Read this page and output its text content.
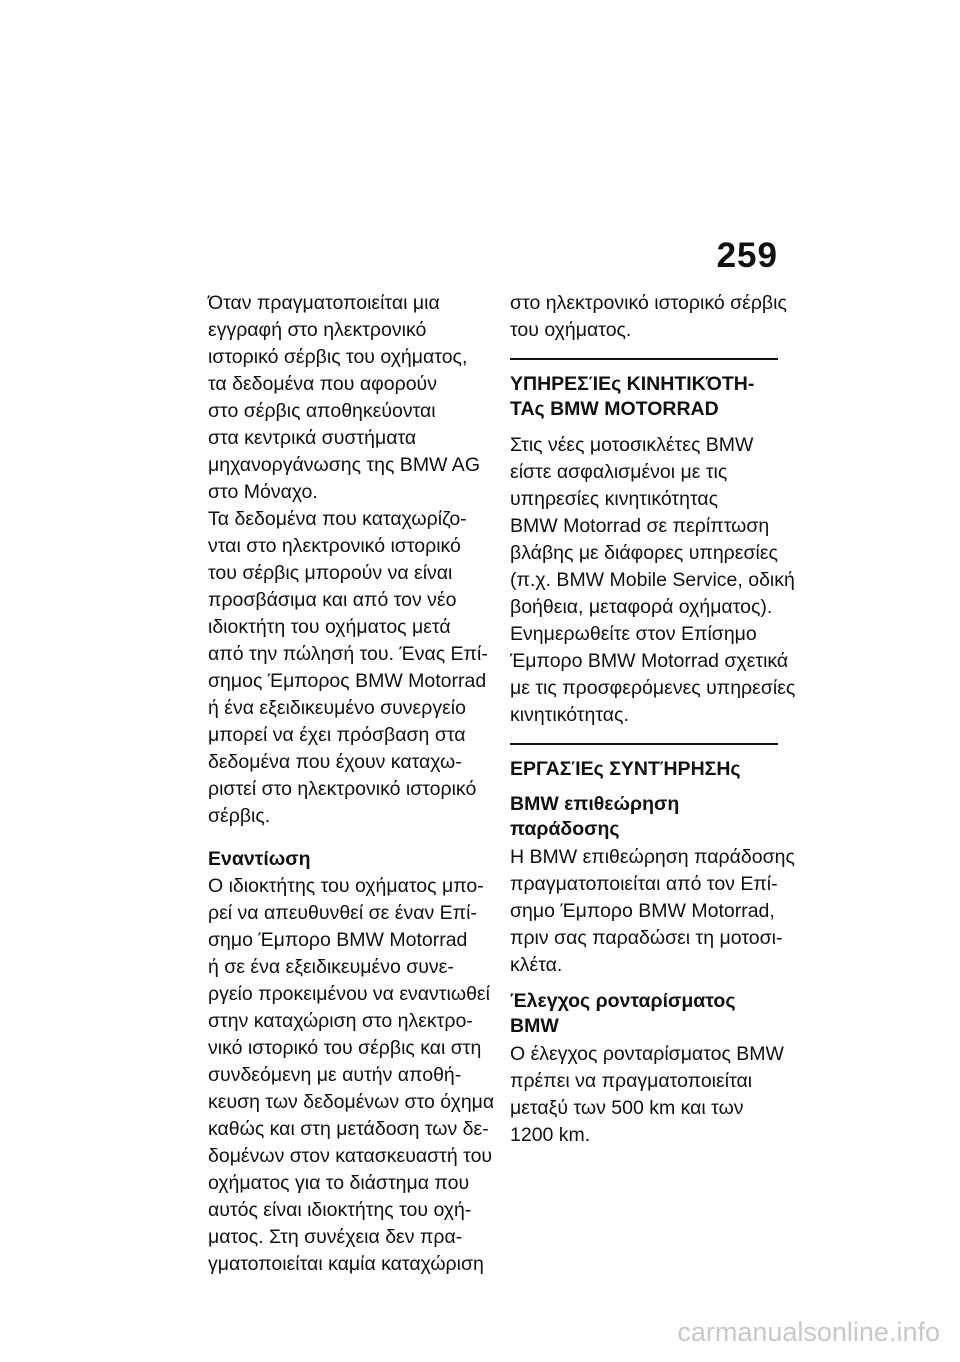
259

Όταν πραγματοποιείται μια
εγγραφή στο ηλεκτρονικό
ιστορικό σέρβις του οχήματος,
τα δεδομένα που αφορούν
στο σέρβις αποθηκεύονται
στα κεντρικά συστήματα
μηχανοργάνωσης της BMW AG
στο Μόναχο.
Τα δεδομένα που καταχωρίζο-
νται στο ηλεκτρονικό ιστορικό
του σέρβις μπορούν να είναι
προσβάσιμα και από τον νέο
ιδιοκτήτη του οχήματος μετά
από την πώλησή του. Ένας Επί-
σημος Έμπορος BMW Motorrad
ή ένα εξειδικευμένο συνεργείο
μπορεί να έχει πρόσβαση στα
δεδομένα που έχουν καταχω-
ριστεί στο ηλεκτρονικό ιστορικό
σέρβις.

Εναντίωση

Ο ιδιοκτήτης του οχήματος μπο-
ρεί να απευθυνθεί σε έναν Επί-
σημο Έμπορο BMW Motorrad
ή σε ένα εξειδικευμένο συνε-
ργείο προκειμένου να εναντιωθεί
στην καταχώριση στο ηλεκτρο-
νικό ιστορικό του σέρβις και στη
συνδεόμενη με αυτήν αποθή-
κευση των δεδομένων στο όχημα
καθώς και στη μετάδοση των δε-
δομένων στον κατασκευαστή του
οχήματος για το διάστημα που
αυτός είναι ιδιοκτήτης του οχή-
ματος. Στη συνέχεια δεν πρα-
γματοποιείται καμία καταχώριση

στο ηλεκτρονικό ιστορικό σέρβις
του οχήματος.

ΥΠΗΡΕΣΊΕς ΚΙΝΗΤΙΚΌΤΗ-
ΤΑς BMW MOTORRAD

Στις νέες μοτοσικλέτες BMW
είστε ασφαλισμένοι με τις
υπηρεσίες κινητικότητας
BMW Motorrad σε περίπτωση
βλάβης με διάφορες υπηρεσίες
(π.χ. BMW Mobile Service, οδική
βοήθεια, μεταφορά οχήματος).
Ενημερωθείτε στον Επίσημο
Έμπορο BMW Motorrad σχετικά
με τις προσφερόμενες υπηρεσίες
κινητικότητας.

ΕΡΓΑΣΊΕς ΣΥΝΤΉΡΗΣΗς
BMW επιθεώρηση
παράδοσης

Η BMW επιθεώρηση παράδοσης
πραγματοποιείται από τον Επί-
σημο Έμπορο BMW Motorrad,
πριν σας παραδώσει τη μοτοσι-
κλέτα.

Έλεγχος ρονταρίσματος
BMW

Ο έλεγχος ρονταρίσματος BMW
πρέπει να πραγματοποιείται
μεταξύ των 500 km και των
1200 km.

carmanualsonline.info
